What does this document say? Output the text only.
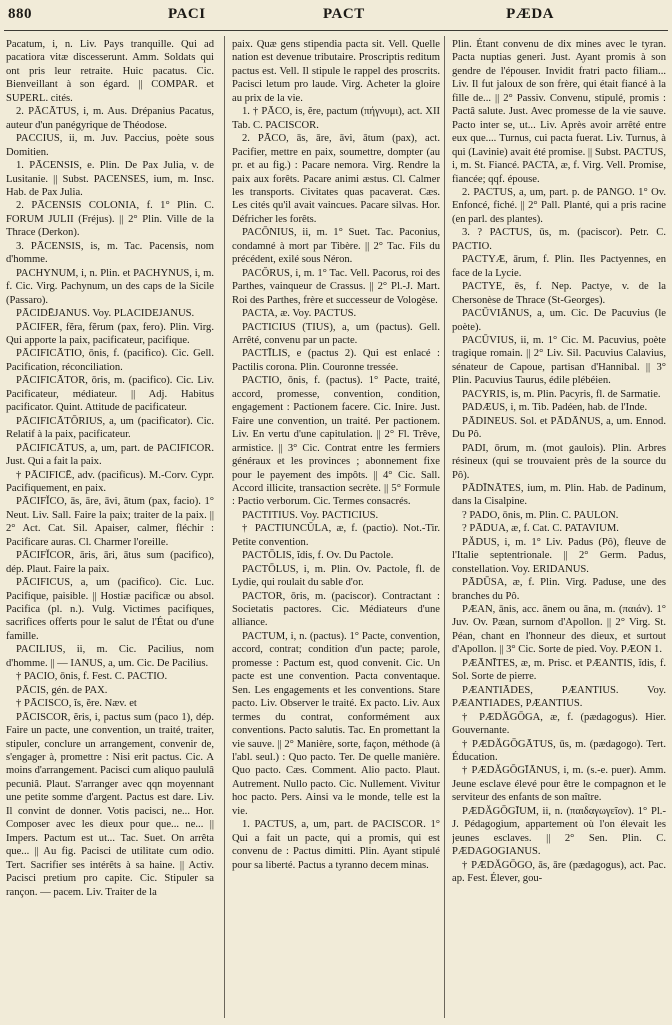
880	PACI	PACT	PÆDA

Pacatum, i, n. Liv. Pays tranquille. Qui ad pacatiora vitæ discesserunt. Amm. Soldats qui ont pris leur retraite. Huic pacatus. Cic. Bienveillant à son égard. || COMPAR. et SUPERL. cités.

2. PĀCĀTUS, i, m. Aus. Drépanius Pacatus, auteur d'un panégyrique de Théodose.

PACCIUS, ii, m. Juv. Paccius, poète sous Domitien.

1. PĀCENSIS, e. Plin. De Pax Julia, v. de Lusitanie. || Subst. PACENSES, ium, m. Insc. Hab. de Pax Julia.

2. PĀCENSIS COLONIA, f. 1° Plin. C. FORUM JULII (Fréjus). || 2° Plin. Ville de la Thrace (Derkon).

3. PĀCENSIS, is, m. Tac. Pacensis, nom d'homme.

PACHYNUM, i, n. Plin. et PACHYNUS, i, m. f. Cic. Virg. Pachynum, un des caps de la Sicile (Passaro).

PĀCIDĒJANUS. Voy. PLACIDEJANUS.

PĀCIFER, fĕra, fĕrum (pax, fero). Plin. Virg. Qui apporte la paix, pacificateur, pacifique.

PĀCIFICĀTIO, ōnis, f. (pacifico). Cic. Gell. Pacification, réconciliation.

PĀCIFICĀTOR, ōris, m. (pacifico). Cic. Liv. Pacificateur, médiateur. || Adj. Habitus pacificator. Quint. Attitude de pacificateur.

PĀCIFICĀTŌRIUS, a, um (pacificator). Cic. Relatif à la paix, pacificateur.

PĀCIFICĀTUS, a, um, part. de PACIFICOR. Just. Qui a fait la paix.

† PĀCIFICĒ, adv. (pacificus). M.-Corv. Cypr. Pacifiquement, en paix.

PĀCIFĬCO, ās, āre, āvi, ātum (pax, facio). 1° Neut. Liv. Sall. Faire la paix; traiter de la paix. || 2° Act. Cat. Sil. Apaiser, calmer, fléchir : Pacificare auras. Cl. Charmer l'oreille.

PĀCIFĬCOR, āris, āri, ātus sum (pacifico), dép. Plaut. Faire la paix.

PĀCIFICUS, a, um (pacifico). Cic. Luc. Pacifique, paisible. || Hostiæ pacificæ ou absol. Pacifica (pl. n.). Vulg. Victimes pacifiques, sacrifices offerts pour le salut de l'État ou d'une famille.

PACILIUS, ii, m. Cic. Pacilius, nom d'homme. || — IANUS, a, um. Cic. De Pacilius.

† PACIO, ōnis, f. Fest. C. PACTIO.

PĀCIS, gén. de PAX.

† PĀCISCO, ĭs, ĕre. Næv. et

PĀCISCOR, ĕris, i, pactus sum (paco 1), dép. Faire un pacte, une convention, un traité, traiter, stipuler, conclure un arrangement, convenir de, s'engager à, promettre : Nisi erit pactus. Cic. A moins d'arrangement. Pacisci cum aliquo paululâ pecuniâ. Plaut. S'arranger avec qqn moyennant une petite somme d'argent. Pactus est dare. Liv. Il convint de donner. Votis pacisci, ne... Hor. Composer avec les dieux pour que... ne... || Impers. Pactum est ut... Tac. Suet. On arrêta que... || Au fig. Pacisci de utilitate cum odio. Tert. Sacrifier ses intérêts à sa haine. || Activ. Pacisci pretium pro capite. Cic. Stipuler sa rançon. — pacem. Liv. Traiter de la

paix. Quæ gens stipendia pacta sit. Vell. Quelle nation est devenue tributaire. Proscriptis reditum pactus est. Vell. Il stipule le rappel des proscrits. Pacisci letum pro laude. Virg. Acheter la gloire au prix de la vie.

1. † PĀCO, is, ĕre, pactum (πήγνυμι), act. XII Tab. C. PACISCOR.

2. PĀCO, ās, āre, āvi, ātum (pax), act. Pacifier, mettre en paix, soumettre, dompter (au pr. et au fig.) : Pacare nemora. Virg. Rendre la paix aux forêts. Pacare animi æstus. Cl. Calmer les transports. Civitates quas pacaverat. Cæs. Les cités qu'il avait vaincues. Pacare silvas. Hor. Défricher les forêts.

PACŌNIUS, ii, m. 1° Suet. Tac. Paconius, condamné à mort par Tibère. || 2° Tac. Fils du précédent, exilé sous Néron.

PACŎRUS, i, m. 1° Tac. Vell. Pacorus, roi des Parthes, vainqueur de Crassus. || 2° Pl.-J. Mart. Roi des Parthes, frère et successeur de Vologèse.

PACTA, æ. Voy. PACTUS.

PACTICIUS (TIUS), a, um (pactus). Gell. Arrêté, convenu par un pacte.

PACTĪLIS, e (pactus 2). Qui est enlacé : Pactilis corona. Plin. Couronne tressée.

PACTIO, ōnis, f. (pactus). 1° Pacte, traité, accord, promesse, convention, condition, engagement : Pactionem facere. Cic. Inire. Just. Faire une convention, un traité. Per pactionem. Liv. En vertu d'une capitulation. || 2° Fl. Trêve, armistice. || 3° Cic. Contrat entre les fermiers généraux et les provinces ; abonnement fixe pour le payement des impôts. || 4° Cic. Sall. Accord illicite, transaction secrète. || 5° Formule : Pactio verborum. Cic. Termes consacrés.

PACTITIUS. Voy. PACTICIUS.

† PACTIUNCŬLA, æ, f. (pactio). Not.-Tir. Petite convention.

PACTŌLIS, ĭdis, f. Ov. Du Pactole.

PACTŌLUS, i, m. Plin. Ov. Pactole, fl. de Lydie, qui roulait du sable d'or.

PACTOR, ōris, m. (paciscor). Contractant : Societatis pactores. Cic. Médiateurs d'une alliance.

PACTUM, i, n. (pactus). 1° Pacte, convention, accord, contrat; condition d'un pacte; parole, promesse : Pactum est, quod convenit. Cic. Un pacte est une convention. Pacta conventaque. Sen. Les engagements et les conventions. Stare pacto. Liv. Observer le traité. Ex pacto. Liv. Aux termes du contrat, conformément aux conventions. Pacto salutis. Tac. En promettant la vie sauve. || 2° Manière, sorte, façon, méthode (à l'abl. seul.) : Quo pacto. Ter. De quelle manière. Quo pacto. Cæs. Comment. Alio pacto. Plaut. Autrement. Nullo pacto. Cic. Nullement. Vivitur hoc pacto. Pers. Ainsi va le monde, telle est la vie.

1. PACTUS, a, um, part. de PACISCOR. 1° Qui a fait un pacte, qui a promis, qui est convenu de : Pactus dimitti. Plin. Ayant stipulé pour sa liberté. Pactus a tyranno decem minas.

Plin. Étant convenu de dix mines avec le tyran. Pacta nuptias generi. Just. Ayant promis à son gendre de l'épouser. Invidit fratri pacto filiam... Liv. Il fut jaloux de son frère, qui était fiancé à la fille de... || 2° Passiv. Convenu, stipulé, promis : Pactâ salute. Just. Avec promesse de la vie sauve. Pacto inter se, ut... Liv. Après avoir arrêté entre eux que.... Turnus, cui pacta fuerat. Liv. Turnus, à qui (Lavinie) avait été promise. || Subst. PACTUS, i, m. St. Fiancé. PACTA, æ, f. Virg. Vell. Promise, fiancée; qqf. épouse.

2. PACTUS, a, um, part. p. de PANGO. 1° Ov. Enfoncé, fiché. || 2° Pall. Planté, qui a pris racine (en parl. des plantes).

3. ? PACTUS, ūs, m. (paciscor). Petr. C. PACTIO.

PACTYÆ, ārum, f. Plin. Iles Pactyennes, en face de la Lycie.

PACTYE, ēs, f. Nep. Pactye, v. de la Chersonèse de Thrace (St-Georges).

PACŪVIĀNUS, a, um. Cic. De Pacuvius (le poète).

PACŪVIUS, ii, m. 1° Cic. M. Pacuvius, poète tragique romain. || 2° Liv. Sil. Pacuvius Calavius, sénateur de Capoue, partisan d'Hannibal. || 3° Plin. Pacuvius Taurus, édile plébéien.

PACYRIS, is, m. Plin. Pacyris, fl. de Sarmatie.

PADÆUS, i, m. Tib. Padéen, hab. de l'Inde.

PĀDINEUS. Sol. et PĀDĀNUS, a, um. Ennod. Du Pô.

PADI, ōrum, m. (mot gaulois). Plin. Arbres résineux (qui se trouvaient près de la source du Pô).

PĀDĪNĀTES, ium, m. Plin. Hab. de Padinum, dans la Cisalpine.

? PADO, ōnis, m. Plin. C. PAULON.

? PĀDUA, æ, f. Cat. C. PATAVIUM.

PĂDUS, i, m. 1° Liv. Padus (Pô), fleuve de l'Italie septentrionale. || 2° Germ. Padus, constellation. Voy. ERIDANUS.

PĀDŪSA, æ, f. Plin. Virg. Paduse, une des branches du Pô.

PÆAN, ānis, acc. ānem ou āna, m. (παιάν). 1° Juv. Ov. Pæan, surnom d'Apollon. || 2° Virg. St. Péan, chant en l'honneur des dieux, et surtout d'Apollon. || 3° Cic. Sorte de pied. Voy. PÆON 1.

PÆĀNĪTES, æ, m. Prisc. et PÆANTIS, ĭdis, f. Sol. Sorte de pierre.

PÆANTIĀDES, PÆANTIUS. Voy. PÆANTIADES, PÆANTIUS.

† PÆDĂGŌGA, æ, f. (pædagogus). Hier. Gouvernante.

† PÆDĂGŌGĀTUS, ūs, m. (pædagogo). Tert. Éducation.

† PÆDĂGŌGĪĀNUS, i, m. (s.-e. puer). Amm. Jeune esclave élevé pour être le compagnon et le serviteur des enfants de son maître.

PÆDĂGŌGĪUM, ii, n. (παιδαγωγεῖον). 1° Pl.-J. Pédagogium, appartement où l'on élevait les jeunes esclaves. || 2° Sen. Plin. C. PÆDAGOGIANUS.

† PÆDĂGŌGO, ās, āre (pædagogus), act. Pac. ap. Fest. Élever, gou-
